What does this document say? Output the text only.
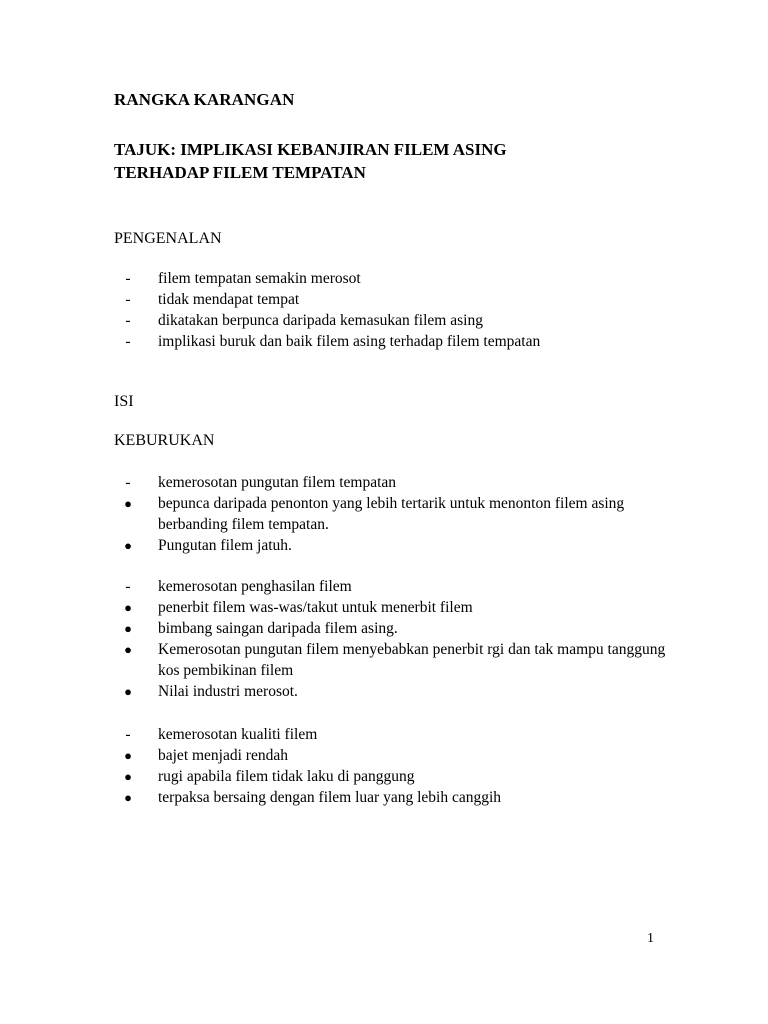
RANGKA KARANGAN
TAJUK: IMPLIKASI KEBANJIRAN FILEM ASING
TERHADAP FILEM TEMPATAN
PENGENALAN
- filem tempatan semakin merosot
- tidak mendapat tempat
- dikatakan berpunca daripada kemasukan filem asing
- implikasi buruk dan baik filem asing terhadap filem tempatan
ISI
KEBURUKAN
- kemerosotan pungutan filem tempatan
● bepunca daripada penonton yang lebih tertarik untuk menonton filem asing berbanding filem tempatan.
● Pungutan filem jatuh.
- kemerosotan penghasilan filem
● penerbit filem was-was/takut untuk menerbit filem
● bimbang saingan daripada filem asing.
● Kemerosotan pungutan filem menyebabkan penerbit rgi dan tak mampu tanggung kos pembikinan filem
● Nilai industri merosot.
- kemerosotan kualiti filem
● bajet menjadi rendah
● rugi apabila filem tidak laku di panggung
● terpaksa bersaing dengan filem luar yang lebih canggih
1
